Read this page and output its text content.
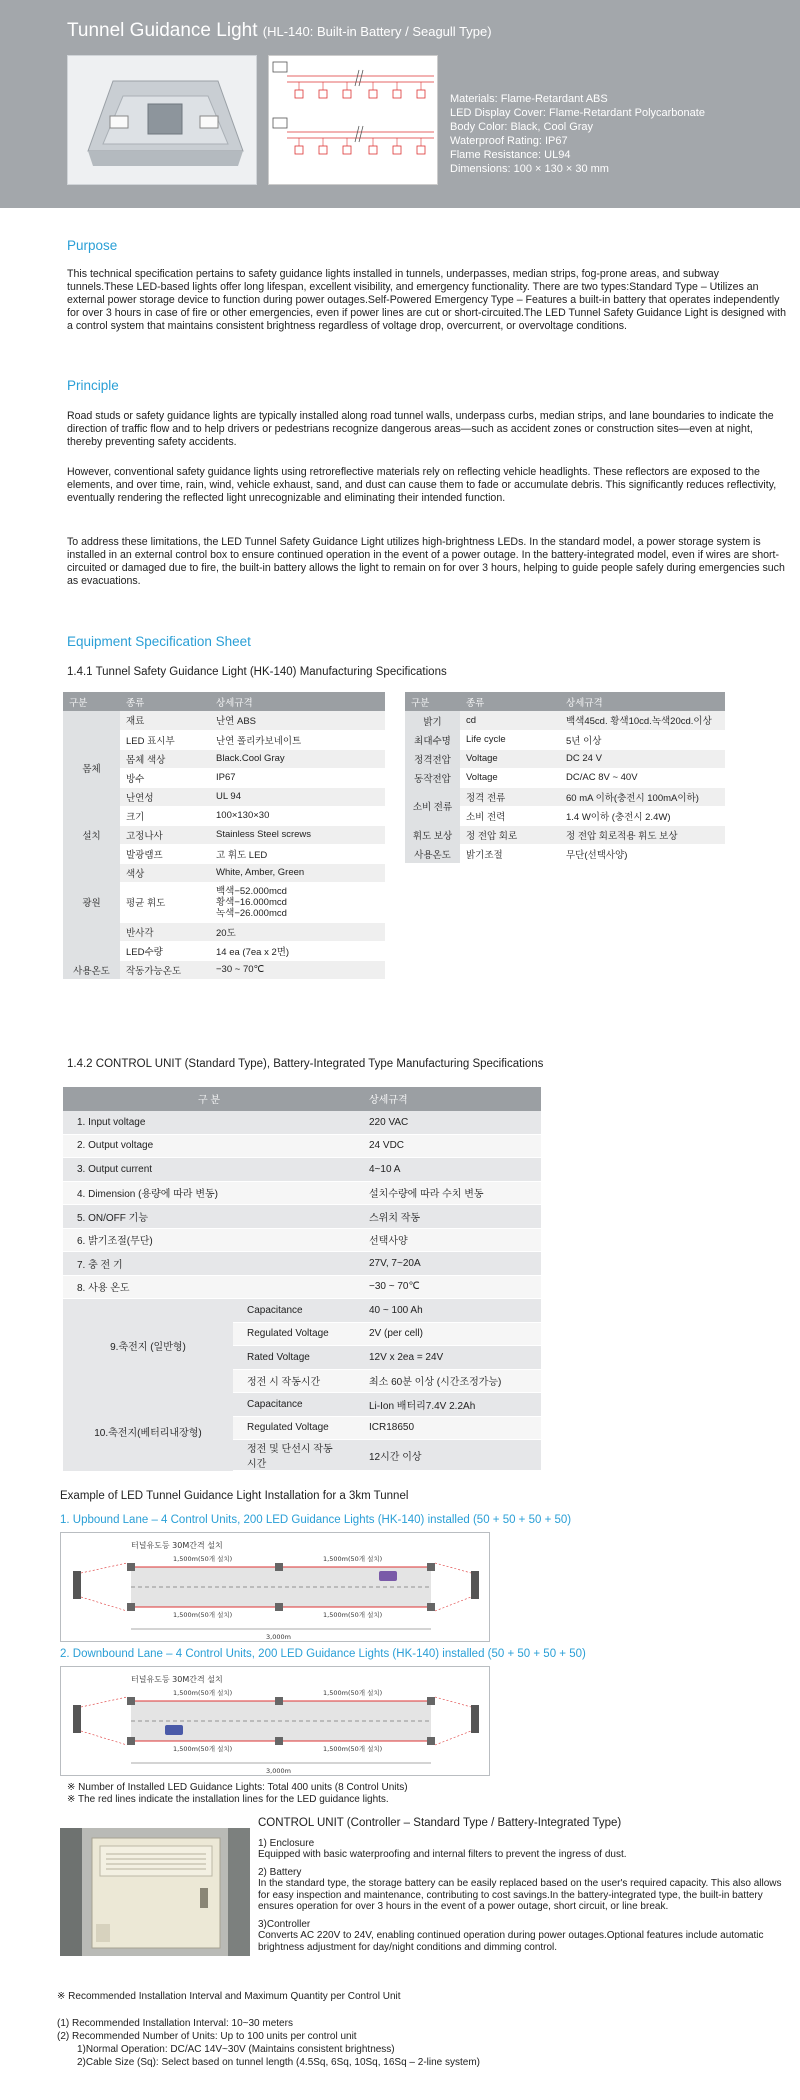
Tunnel Guidance Light (HL-140: Built-in Battery / Seagull Type)
Materials: Flame-Retardant ABS
LED Display Cover: Flame-Retardant Polycarbonate
Body Color: Black, Cool Gray
Waterproof Rating: IP67
Flame Resistance: UL94
Dimensions: 100 × 130 × 30 mm
Purpose
This technical specification pertains to safety guidance lights installed in tunnels, underpasses, median strips, fog-prone areas, and subway tunnels.These LED-based lights offer long lifespan, excellent visibility, and emergency functionality. There are two types:Standard Type – Utilizes an external power storage device to function during power outages.Self-Powered Emergency Type – Features a built-in battery that operates independently for over 3 hours in case of fire or other emergencies, even if power lines are cut or short-circuited.The LED Tunnel Safety Guidance Light is designed with a control system that maintains consistent brightness regardless of voltage drop, overcurrent, or overvoltage conditions.
Principle
Road studs or safety guidance lights are typically installed along road tunnel walls, underpass curbs, median strips, and lane boundaries to indicate the direction of traffic flow and to help drivers or pedestrians recognize dangerous areas—such as accident zones or construction sites—even at night, thereby preventing safety accidents.
However, conventional safety guidance lights using retroreflective materials rely on reflecting vehicle headlights. These reflectors are exposed to the elements, and over time, rain, wind, vehicle exhaust, sand, and dust can cause them to fade or accumulate debris. This significantly reduces reflectivity, eventually rendering the reflected light unrecognizable and eliminating their intended function.
To address these limitations, the LED Tunnel Safety Guidance Light utilizes high-brightness LEDs. In the standard model, a power storage system is installed in an external control box to ensure continued operation in the event of a power outage. In the battery-integrated model, even if wires are short-circuited or damaged due to fire, the built-in battery allows the light to remain on for over 3 hours, helping to guide people safely during emergencies such as evacuations.
Equipment Specification Sheet
1.4.1 Tunnel Safety Guidance Light (HK-140) Manufacturing Specifications
구분	종류	상세규격
몸체	재료	난연 ABS
	LED 표시부	난연 폴리카보네이트
	몸체 색상	Black.Cool Gray
	방수	IP67
	난연성	UL 94
	크기	100×130×30
설치	고정나사	Stainless Steel screws
광원	발광램프	고 휘도 LED
	색상	White, Amber, Green
	평균 휘도	백색−52.000mcd
황색−16.000mcd
녹색−26.000mcd
	반사각	20도
	LED수량	14 ea (7ea x 2면)
사용온도	작동가능온도	−30 ~ 70℃
구분	종류	상세규격
밝기	cd	백색45cd. 황색10cd.녹색20cd.이상
최대수명	Life cycle	5년 이상
정격전압	Voltage	DC 24 V
동작전압	Voltage	DC/AC 8V ~ 40V
소비 전류	정격 전류	60 mA 이하(충전시 100mA이하)
	소비 전력	1.4 W이하 (충전시 2.4W)
휘도 보상	정 전압 회로	정 전압 회로적용 휘도 보상
사용온도	밝기조절	무단(선택사양)
1.4.2 CONTROL UNIT (Standard Type), Battery-Integrated Type Manufacturing Specifications
구 분		상세규격
1. Input voltage		220 VAC
2. Output voltage		24 VDC
3. Output current		4~10 A
4. Dimension (용량에 따라 변동)		설치수량에 따라 수치 변동
5. ON/OFF 기능		스위치 작동
6. 밝기조절(무단)		선택사양
7. 충 전 기		27V, 7~20A
8. 사용 온도		−30 ~ 70℃
9.축전지 (일반형)	Capacitance	40 ~ 100 Ah
	Regulated Voltage	2V (per cell)
	Rated Voltage	12V x 2ea = 24V
	정전 시 작동시간	최소 60분 이상 (시간조정가능)
10.축전지(베터리내장형)	Capacitance	Li-Ion 배터리7.4V 2.2Ah
	Regulated Voltage	ICR18650
	정전 및 단선시 작동시간	12시간 이상
Example of LED Tunnel Guidance Light Installation for a 3km Tunnel
1. Upbound Lane – 4 Control Units, 200 LED Guidance Lights (HK-140) installed (50 + 50 + 50 + 50)
터널유도등 30M간격 설치
1,500m(50개 설치)	1,500m(50개 설치)
1,500m(50개 설치)	1,500m(50개 설치)
3,000m
2. Downbound Lane – 4 Control Units, 200 LED Guidance Lights (HK-140) installed (50 + 50 + 50 + 50)
터널유도등 30M간격 설치
1,500m(50개 설치)	1,500m(50개 설치)
1,500m(50개 설치)	1,500m(50개 설치)
3,000m
※ Number of Installed LED Guidance Lights: Total 400 units (8 Control Units)
※ The red lines indicate the installation lines for the LED guidance lights.
CONTROL UNIT (Controller – Standard Type / Battery-Integrated Type)
1) Enclosure
Equipped with basic waterproofing and internal filters to prevent the ingress of dust.
2) Battery
In the standard type, the storage battery can be easily replaced based on the user's required capacity. This also allows for easy inspection and maintenance, contributing to cost savings.In the battery-integrated type, the built-in battery ensures operation for over 3 hours in the event of a power outage, short circuit, or line break.
3)Controller
Converts AC 220V to 24V, enabling continued operation during power outages.Optional features include automatic brightness adjustment for day/night conditions and dimming control.
※ Recommended Installation Interval and Maximum Quantity per Control Unit
(1) Recommended Installation Interval: 10~30 meters
(2) Recommended Number of Units: Up to 100 units per control unit
1)Normal Operation: DC/AC 14V~30V (Maintains consistent brightness)
2)Cable Size (Sq): Select based on tunnel length (4.5Sq, 6Sq, 10Sq, 16Sq – 2-line system)
